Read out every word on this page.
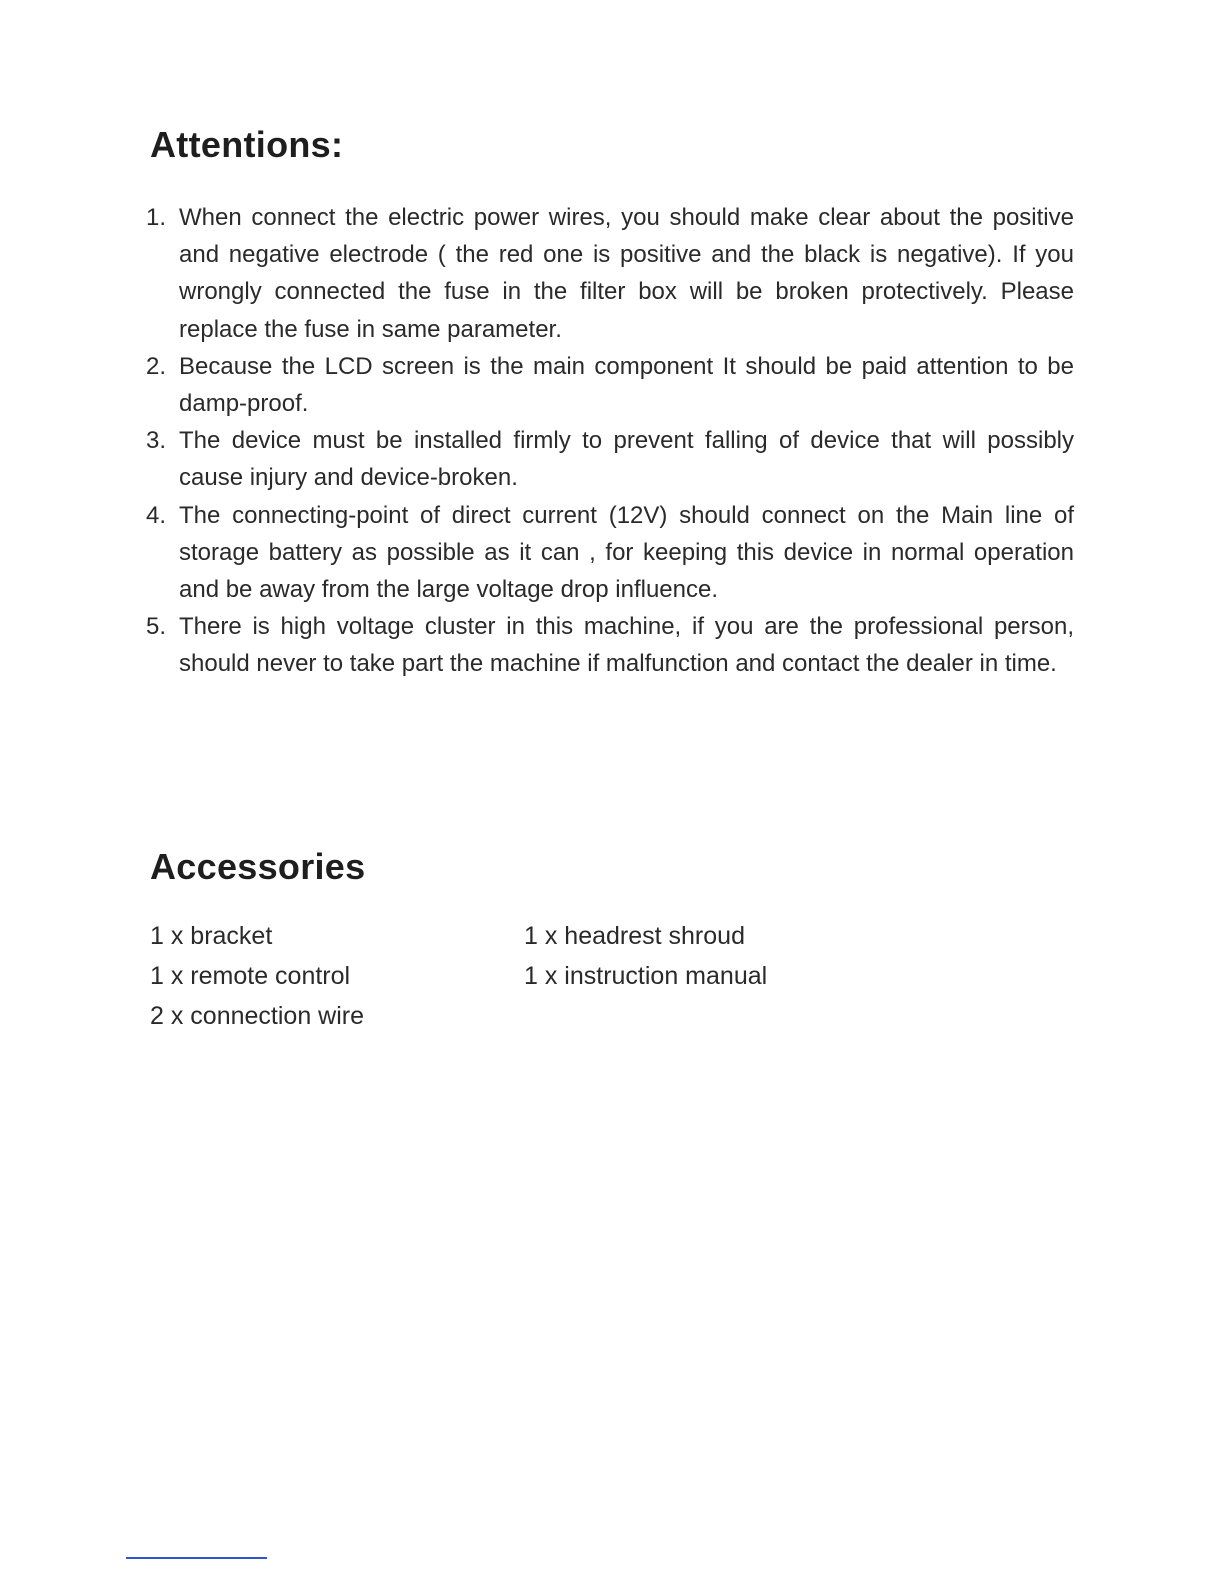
Attentions:
1. When connect the electric power wires, you should make clear about the positive and negative electrode ( the red one is positive and the black is negative). If you wrongly connected the fuse in the filter box will be broken protectively. Please replace the fuse in same parameter.
2. Because the LCD screen is the main component It should be paid attention to be damp-proof.
3. The device must be installed firmly to prevent falling of device that will possibly cause injury and device-broken.
4. The connecting-point of direct current (12V) should connect on the Main line of storage battery as possible as it can , for keeping this device in normal operation and be away from the large voltage drop influence.
5. There is high voltage cluster in this machine, if you are the professional person, should never to take part the machine if malfunction and contact the dealer in time.
Accessories
1 x bracket
1 x remote control
2 x connection wire
1 x headrest shroud
1 x instruction manual
